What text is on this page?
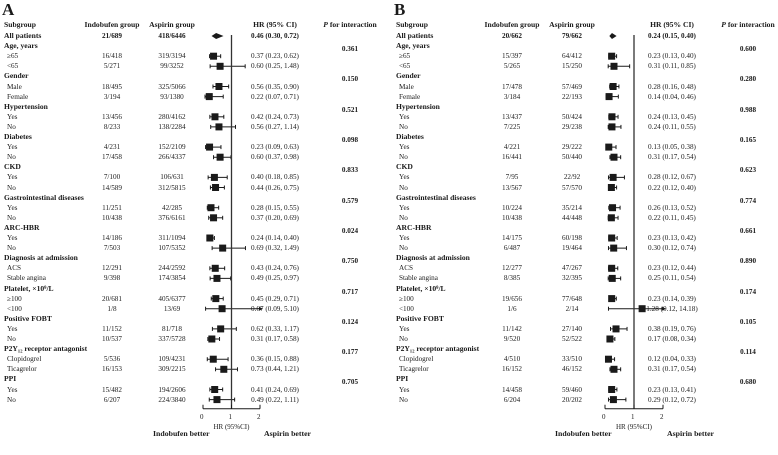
A
Subgroup	Indobufen group	Aspirin group	HR (95% CI)	P for interaction
All patients	21/689	418/6446	0.46 (0.30, 0.72)
Age, years	0.361
≥65	16/418	319/3194	0.37 (0.23, 0.62)
<65	5/271	99/3252	0.60 (0.25, 1.48)
Gender	0.150
Male	18/495	325/5066	0.56 (0.35, 0.90)
Female	3/194	93/1380	0.22 (0.07, 0.71)
Hypertension	0.521
Yes	13/456	280/4162	0.42 (0.24, 0.73)
No	8/233	138/2284	0.56 (0.27, 1.14)
Diabetes	0.098
Yes	4/231	152/2109	0.23 (0.09, 0.63)
No	17/458	266/4337	0.60 (0.37, 0.98)
CKD	0.833
Yes	7/100	106/631	0.40 (0.18, 0.85)
No	14/589	312/5815	0.44 (0.26, 0.75)
Gastrointestinal diseases	0.579
Yes	11/251	42/285	0.28 (0.15, 0.55)
No	10/438	376/6161	0.37 (0.20, 0.69)
ARC-HBR	0.024
Yes	14/186	311/1094	0.24 (0.14, 0.40)
No	7/503	107/5352	0.69 (0.32, 1.49)
Diagnosis at admission	0.750
ACS	12/291	244/2592	0.43 (0.24, 0.76)
Stable angina	9/398	174/3854	0.49 (0.25, 0.97)
Platelet, ×10⁹/L	0.717
≥100	20/681	405/6377	0.45 (0.29, 0.71)
<100	1/8	13/69	0.67 (0.09, 5.10)
Positive FOBT	0.124
Yes	11/152	81/718	0.62 (0.33, 1.17)
No	10/537	337/5728	0.31 (0.17, 0.58)
P2Y₁₂ receptor antagonist	0.177
Clopidogrel	5/536	109/4231	0.36 (0.15, 0.88)
Ticagrelor	16/153	309/2215	0.73 (0.44, 1.21)
PPI	0.705
Yes	15/482	194/2606	0.41 (0.24, 0.69)
No	6/207	224/3840	0.49 (0.22, 1.11)
0	1	2
HR (95%CI)
Indobufen better	Aspirin better
B
Subgroup	Indobufen group	Aspirin group	HR (95% CI)	P for interaction
All patients	20/662	79/662	0.24 (0.15, 0.40)
Age, years	0.600
≥65	15/397	64/412	0.23 (0.13, 0.40)
<65	5/265	15/250	0.31 (0.11, 0.85)
Gender	0.280
Male	17/478	57/469	0.28 (0.16, 0.48)
Female	3/184	22/193	0.14 (0.04, 0.46)
Hypertension	0.988
Yes	13/437	50/424	0.24 (0.13, 0.45)
No	7/225	29/238	0.24 (0.11, 0.55)
Diabetes	0.165
Yes	4/221	29/222	0.13 (0.05, 0.38)
No	16/441	50/440	0.31 (0.17, 0.54)
CKD	0.623
Yes	7/95	22/92	0.28 (0.12, 0.67)
No	13/567	57/570	0.22 (0.12, 0.40)
Gastrointestinal diseases	0.774
Yes	10/224	35/214	0.26 (0.13, 0.52)
No	10/438	44/448	0.22 (0.11, 0.45)
ARC-HBR	0.661
Yes	14/175	60/198	0.23 (0.13, 0.42)
No	6/487	19/464	0.30 (0.12, 0.74)
Diagnosis at admission	0.890
ACS	12/277	47/267	0.23 (0.12, 0.44)
Stable angina	8/385	32/395	0.25 (0.11, 0.54)
Platelet, ×10⁹/L	0.174
≥100	19/656	77/648	0.23 (0.14, 0.39)
<100	1/6	2/14	1.28 (0.12, 14.18)
Positive FOBT	0.105
Yes	11/142	27/140	0.38 (0.19, 0.76)
No	9/520	52/522	0.17 (0.08, 0.34)
P2Y₁₂ receptor antagonist	0.114
Clopidogrel	4/510	33/510	0.12 (0.04, 0.33)
Ticagrelor	16/152	46/152	0.31 (0.17, 0.54)
PPI	0.680
Yes	14/458	59/460	0.23 (0.13, 0.41)
No	6/204	20/202	0.29 (0.12, 0.72)
0	1	2
HR (95%CI)
Indobufen better	Aspirin better
